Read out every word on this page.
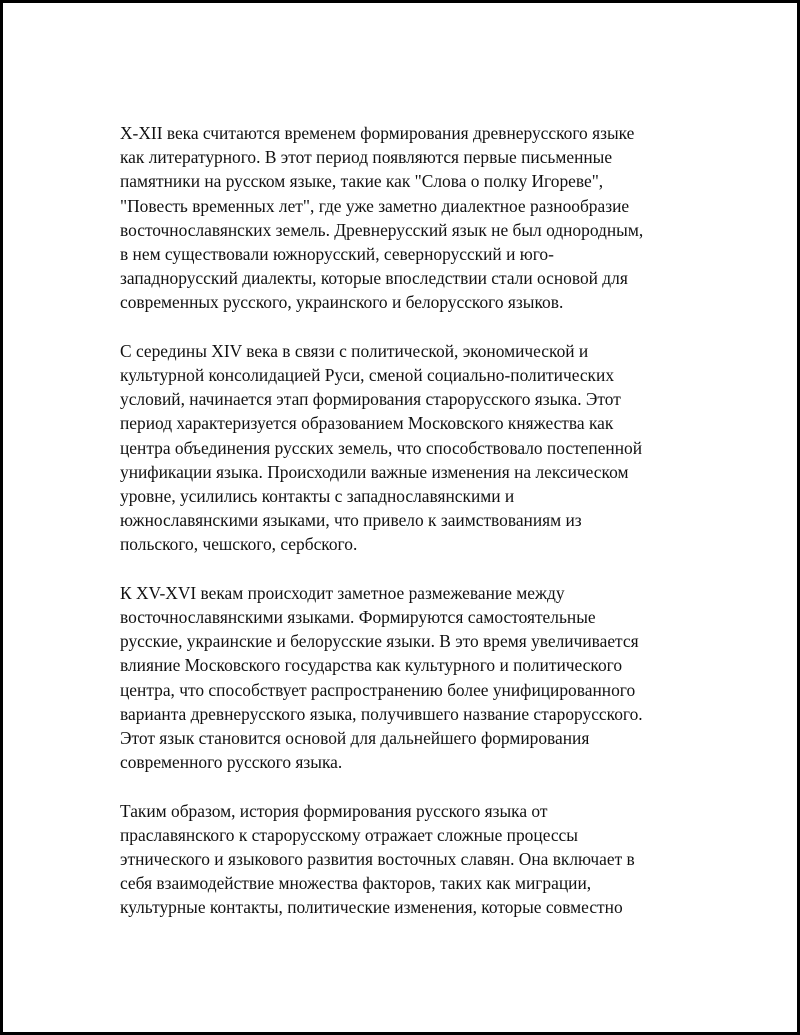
X-XII века считаются временем формирования древнерусского языке
как литературного. В этот период появляются первые письменные
памятники на русском языке, такие как "Слова о полку Игореве",
"Повесть временных лет", где уже заметно диалектное разнообразие
восточнославянских земель. Древнерусский язык не был однородным,
в нем существовали южнорусский, севернорусский и юго-
западнорусский диалекты, которые впоследствии стали основой для
современных русского, украинского и белорусского языков.

С середины XIV века в связи с политической, экономической и
культурной консолидацией Руси, сменой социально-политических
условий, начинается этап формирования старорусского языка. Этот
период характеризуется образованием Московского княжества как
центра объединения русских земель, что способствовало постепенной
унификации языка. Происходили важные изменения на лексическом
уровне, усилились контакты с западнославянскими и
южнославянскими языками, что привело к заимствованиям из
польского, чешского, сербского.

К XV-XVI векам происходит заметное размежевание между
восточнославянскими языками. Формируются самостоятельные
русские, украинские и белорусские языки. В это время увеличивается
влияние Московского государства как культурного и политического
центра, что способствует распространению более унифицированного
варианта древнерусского языка, получившего название старорусского.
Этот язык становится основой для дальнейшего формирования
современного русского языка.

Таким образом, история формирования русского языка от
праславянского к старорусскому отражает сложные процессы
этнического и языкового развития восточных славян. Она включает в
себя взаимодействие множества факторов, таких как миграции,
культурные контакты, политические изменения, которые совместно
